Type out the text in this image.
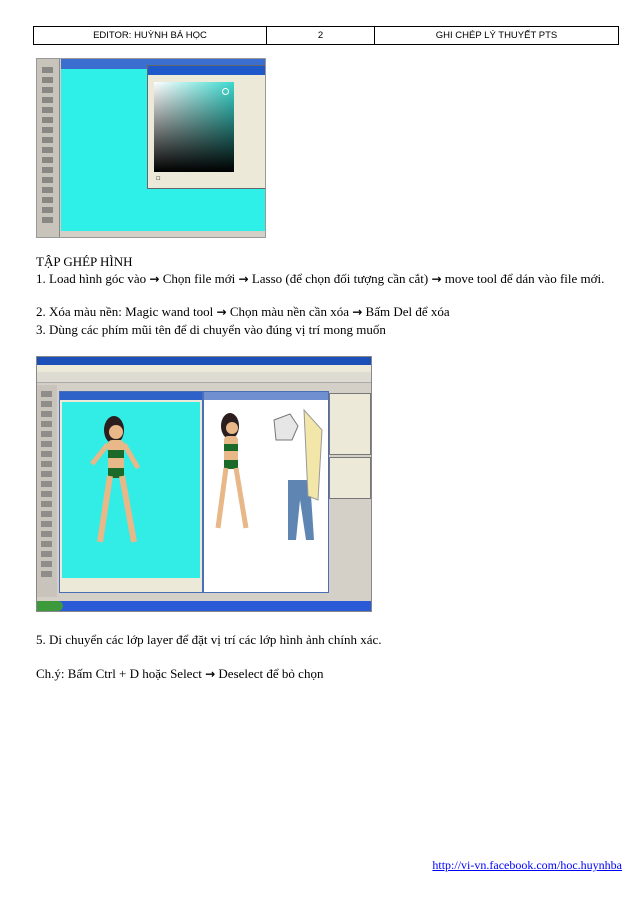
EDITOR: HUỲNH BÁ HỌC	2	GHI CHÉP LÝ THUYẾT PTS
☐
TẬP GHÉP HÌNH
1. Load hình góc vào → Chọn file mới → Lasso (để chọn đối tượng cần cắt) → move tool để dán vào file mới.
2. Xóa màu nền: Magic wand tool → Chọn màu nền cần xóa → Bấm Del để xóa
3. Dùng các phím mũi tên để di chuyển vào đúng vị trí mong muốn
5. Di chuyển các lớp layer để đặt vị trí các lớp hình ảnh chính xác.
Ch.ý: Bấm Ctrl + D hoặc Select → Deselect để bỏ chọn
http://vi-vn.facebook.com/hoc.huynhba
